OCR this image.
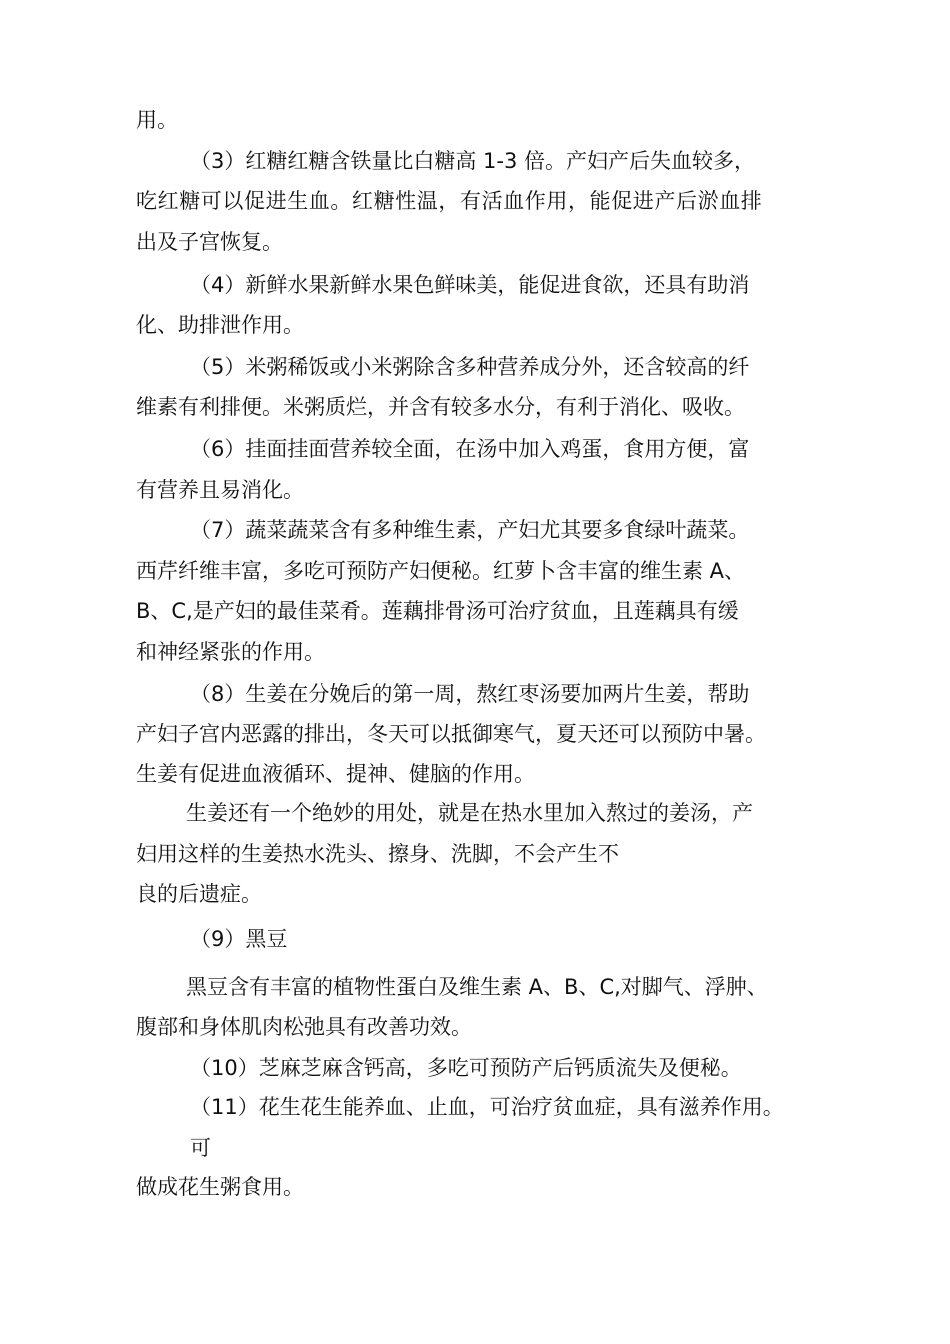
用。
（3）红糖红糖含铁量比白糖高 1-3 倍。产妇产后失血较多，
吃红糖可以促进生血。红糖性温，有活血作用，能促进产后淤血排
出及子宫恢复。
（4）新鲜水果新鲜水果色鲜味美，能促进食欲，还具有助消
化、助排泄作用。
（5）米粥稀饭或小米粥除含多种营养成分外，还含较高的纤
维素有利排便。米粥质烂，并含有较多水分，有利于消化、吸收。
（6）挂面挂面营养较全面，在汤中加入鸡蛋，食用方便，富
有营养且易消化。
（7）蔬菜蔬菜含有多种维生素，产妇尤其要多食绿叶蔬菜。
西芹纤维丰富，多吃可预防产妇便秘。红萝卜含丰富的维生素 A、
B、C,是产妇的最佳菜肴。莲藕排骨汤可治疗贫血，且莲藕具有缓
和神经紧张的作用。
（8）生姜在分娩后的第一周，熬红枣汤要加两片生姜，帮助
产妇子宫内恶露的排出，冬天可以抵御寒气，夏天还可以预防中暑。
生姜有促进血液循环、提神、健脑的作用。
生姜还有一个绝妙的用处，就是在热水里加入熬过的姜汤，产
妇用这样的生姜热水洗头、擦身、洗脚，不会产生不
良的后遗症。
（9）黑豆
黑豆含有丰富的植物性蛋白及维生素 A、B、C,对脚气、浮肿、
腹部和身体肌肉松弛具有改善功效。
（10）芝麻芝麻含钙高，多吃可预防产后钙质流失及便秘。
（11）花生花生能养血、止血，可治疗贫血症，具有滋养作用。
可
做成花生粥食用。
